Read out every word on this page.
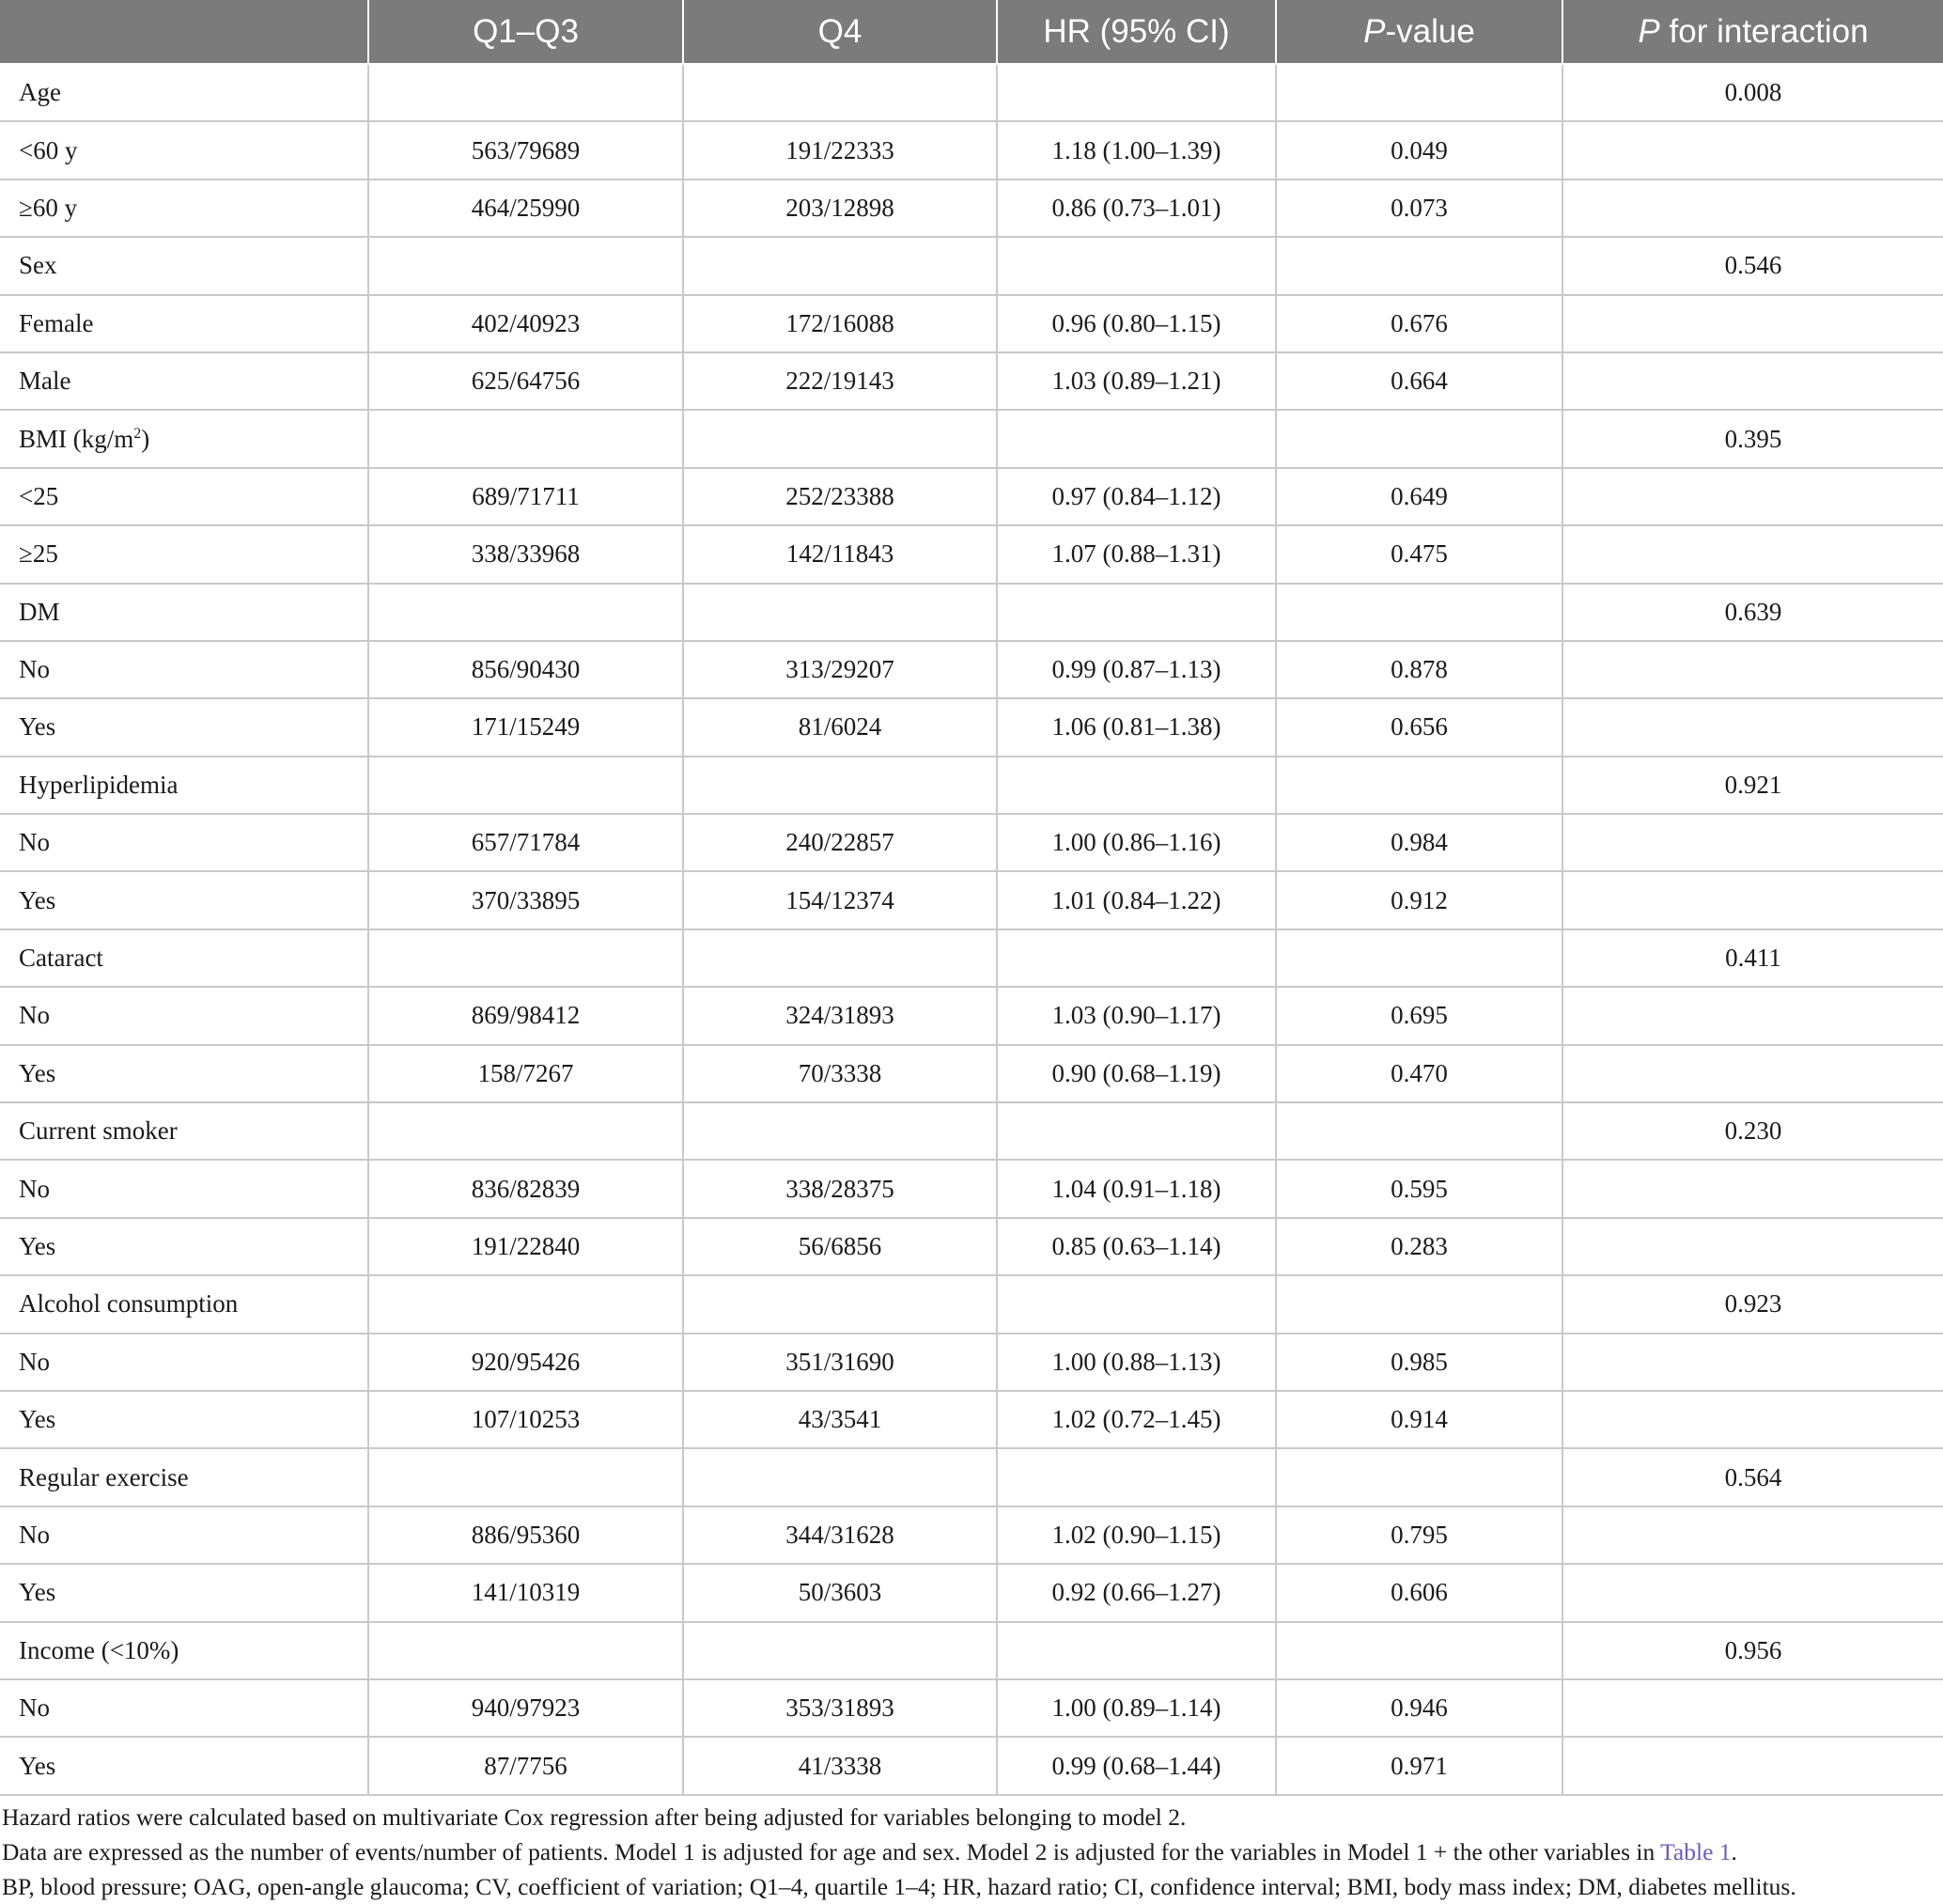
	Q1–Q3	Q4	HR (95% CI)	P-value	P for interaction
Age					0.008
<60 y	563/79689	191/22333	1.18 (1.00–1.39)	0.049	
≥60 y	464/25990	203/12898	0.86 (0.73–1.01)	0.073	
Sex					0.546
Female	402/40923	172/16088	0.96 (0.80–1.15)	0.676	
Male	625/64756	222/19143	1.03 (0.89–1.21)	0.664	
BMI $(kg/m^2)$					0.395
<25	689/71711	252/23388	0.97 (0.84–1.12)	0.649	
≥25	338/33968	142/11843	1.07 (0.88–1.31)	0.475	
DM					0.639
No	856/90430	313/29207	0.99 (0.87–1.13)	0.878	
Yes	171/15249	81/6024	1.06 (0.81–1.38)	0.656	
Hyperlipidemia					0.921
No	657/71784	240/22857	1.00 (0.86–1.16)	0.984	
Yes	370/33895	154/12374	1.01 (0.84–1.22)	0.912	
Cataract					0.411
No	869/98412	324/31893	1.03 (0.90–1.17)	0.695	
Yes	158/7267	70/3338	0.90 (0.68–1.19)	0.470	
Current smoker					0.230
No	836/82839	338/28375	1.04 (0.91–1.18)	0.595	
Yes	191/22840	56/6856	0.85 (0.63–1.14)	0.283	
Alcohol consumption					0.923
No	920/95426	351/31690	1.00 (0.88–1.13)	0.985	
Yes	107/10253	43/3541	1.02 (0.72–1.45)	0.914	
Regular exercise					0.564
No	886/95360	344/31628	1.02 (0.90–1.15)	0.795	
Yes	141/10319	50/3603	0.92 (0.66–1.27)	0.606	
Income (<10%)					0.956
No	940/97923	353/31893	1.00 (0.89–1.14)	0.946	
Yes	87/7756	41/3338	0.99 (0.68–1.44)	0.971	
Hazard ratios were calculated based on multivariate Cox regression after being adjusted for variables belonging to model 2.
Data are expressed as the number of events/number of patients. Model 1 is adjusted for age and sex. Model 2 is adjusted for the variables in Model 1 + the other variables in Table 1.
BP, blood pressure; OAG, open-angle glaucoma; CV, coefficient of variation; Q1–4, quartile 1–4; HR, hazard ratio; CI, confidence interval; BMI, body mass index; DM, diabetes mellitus.
